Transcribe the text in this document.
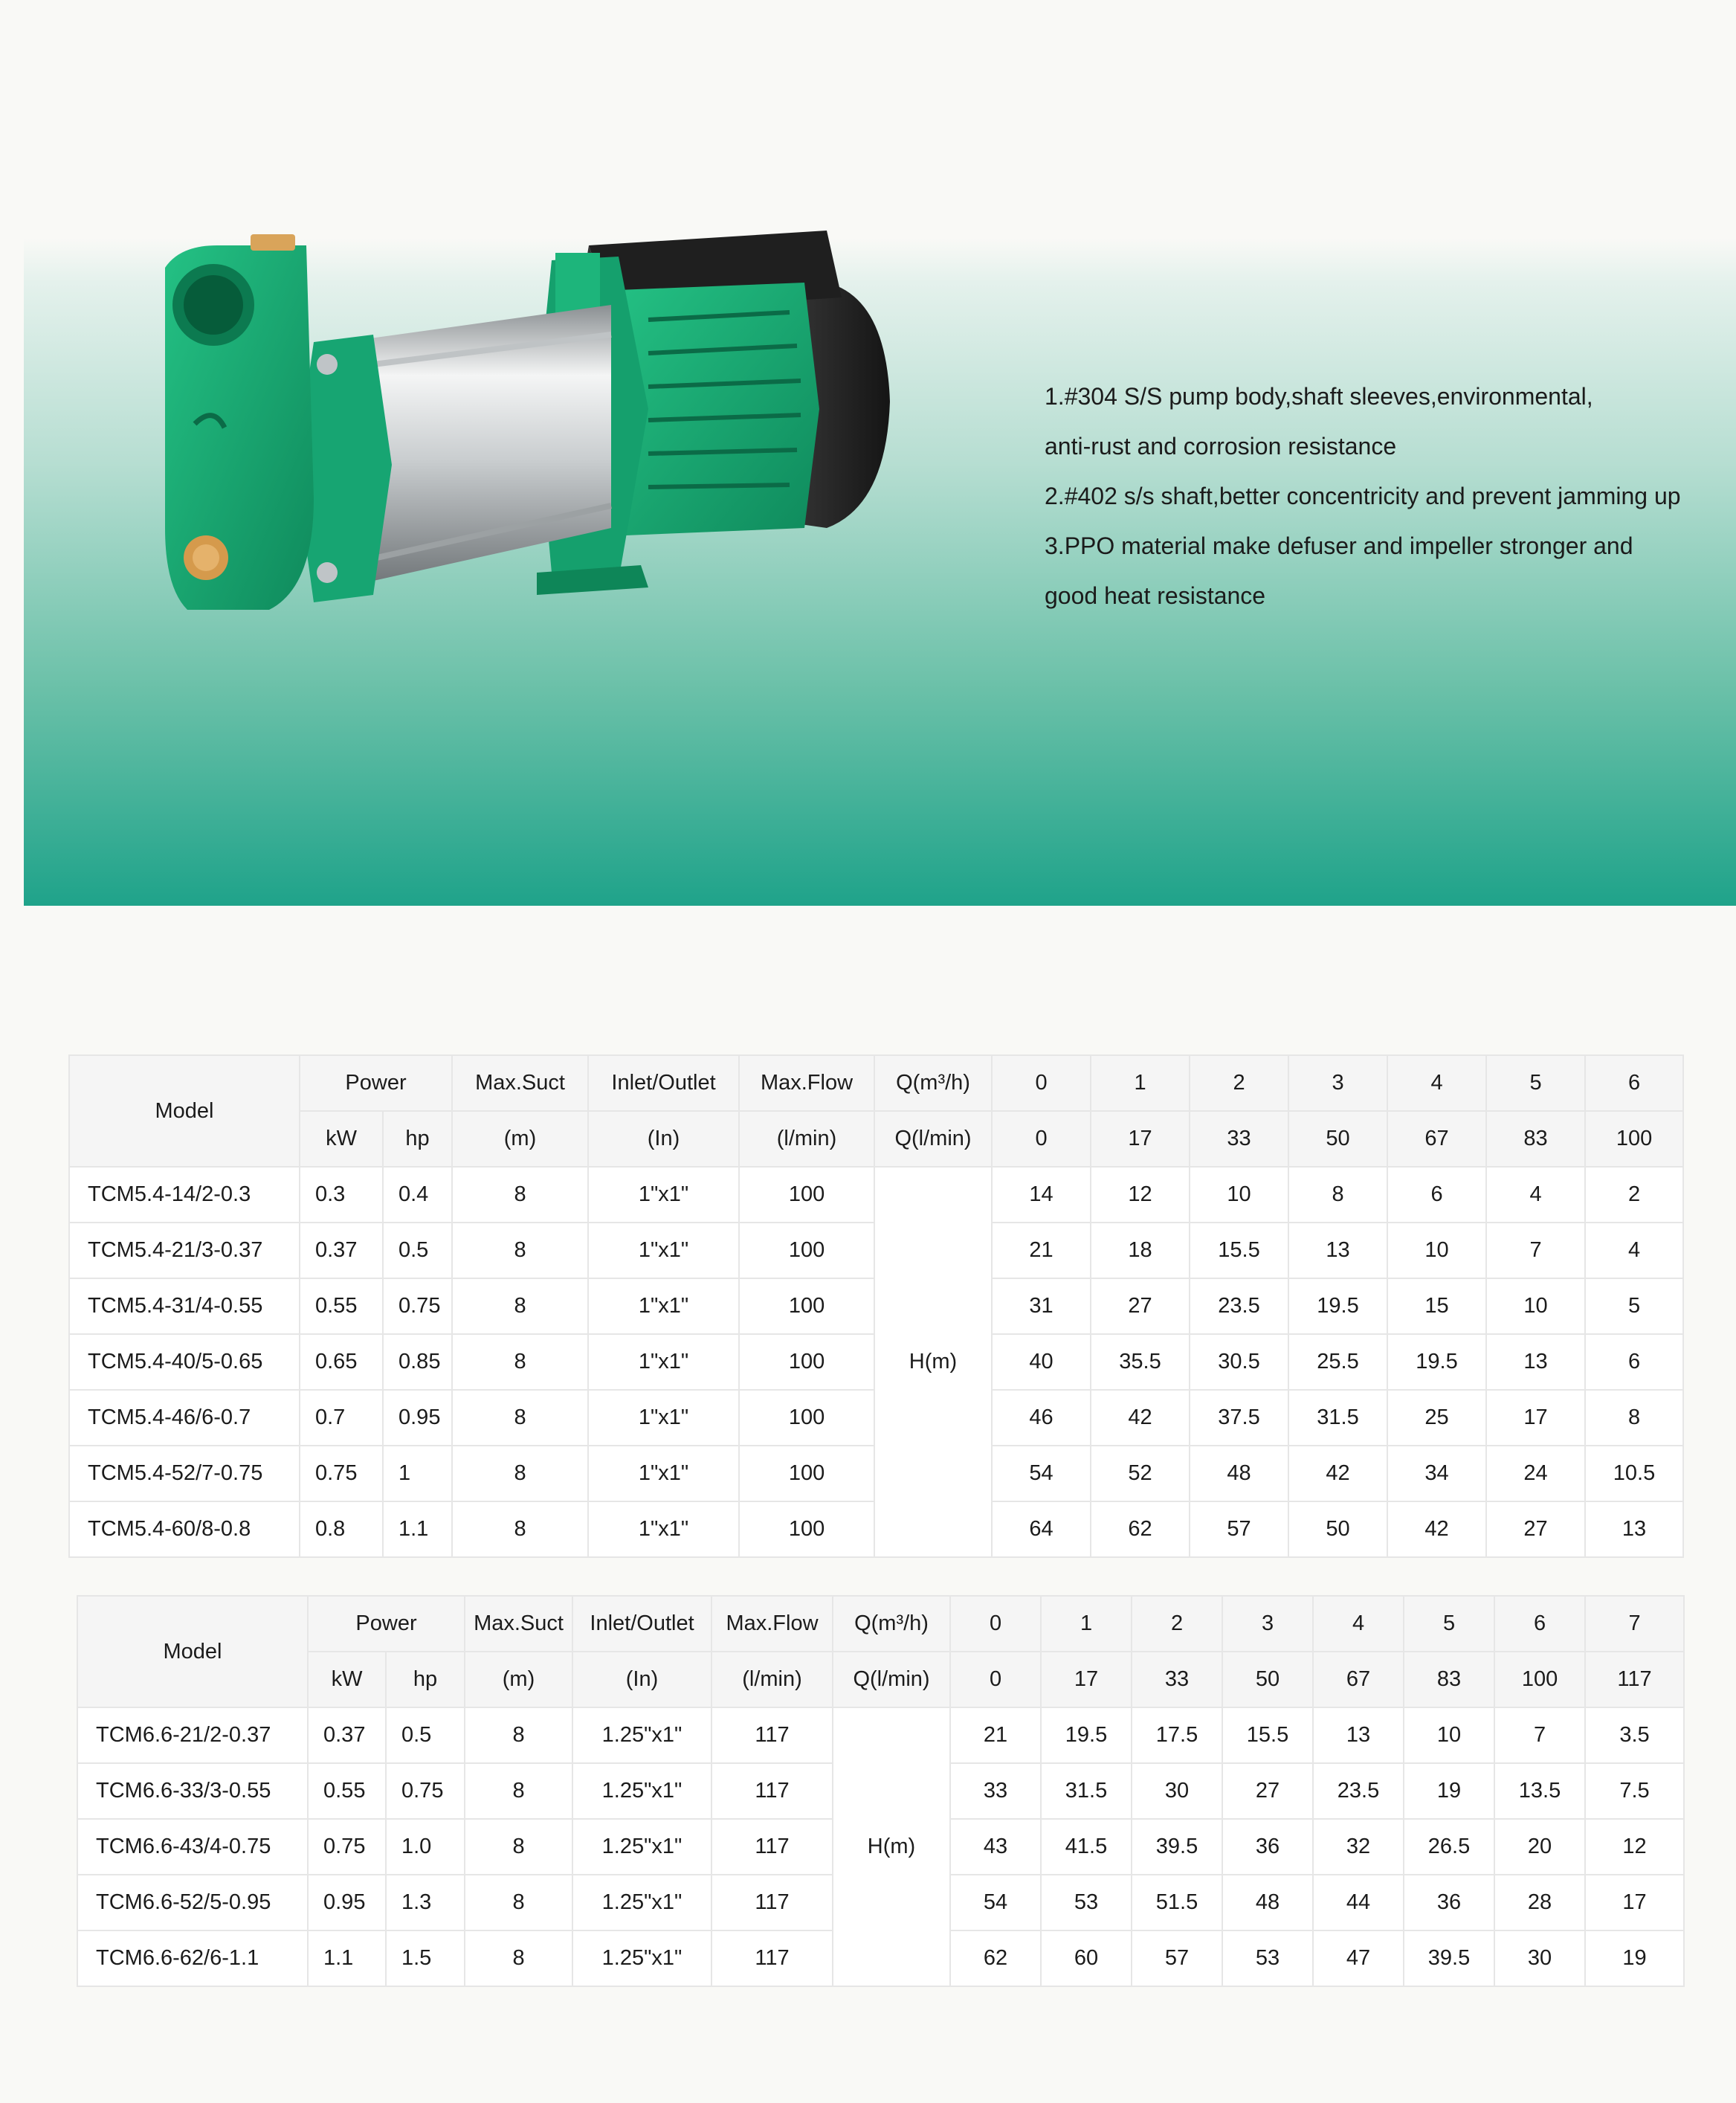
1.#304 S/S pump body,shaft sleeves,environmental,
anti-rust and corrosion resistance
2.#402 s/s shaft,better concentricity and prevent jamming up
3.PPO material make defuser and impeller stronger and
good heat resistance
Model	Power		Max.Suct	Inlet/Outlet	Max.Flow	Q(m³/h)	0	1	2	3	4	5	6
	kW	hp	(m)	(In)	(l/min)	Q(l/min)	0	17	33	50	67	83	100
TCM5.4-14/2-0.3	0.3	0.4	8	1"x1"	100	H(m)	14	12	10	8	6	4	2
TCM5.4-21/3-0.37	0.37	0.5	8	1"x1"	100		21	18	15.5	13	10	7	4
TCM5.4-31/4-0.55	0.55	0.75	8	1"x1"	100		31	27	23.5	19.5	15	10	5
TCM5.4-40/5-0.65	0.65	0.85	8	1"x1"	100		40	35.5	30.5	25.5	19.5	13	6
TCM5.4-46/6-0.7	0.7	0.95	8	1"x1"	100		46	42	37.5	31.5	25	17	8
TCM5.4-52/7-0.75	0.75	1	8	1"x1"	100		54	52	48	42	34	24	10.5
TCM5.4-60/8-0.8	0.8	1.1	8	1"x1"	100		64	62	57	50	42	27	13
Model	Power		Max.Suct	Inlet/Outlet	Max.Flow	Q(m³/h)	0	1	2	3	4	5	6	7
	kW	hp	(m)	(In)	(l/min)	Q(l/min)	0	17	33	50	67	83	100	117
TCM6.6-21/2-0.37	0.37	0.5	8	1.25"x1"	117	H(m)	21	19.5	17.5	15.5	13	10	7	3.5
TCM6.6-33/3-0.55	0.55	0.75	8	1.25"x1"	117		33	31.5	30	27	23.5	19	13.5	7.5
TCM6.6-43/4-0.75	0.75	1.0	8	1.25"x1"	117		43	41.5	39.5	36	32	26.5	20	12
TCM6.6-52/5-0.95	0.95	1.3	8	1.25"x1"	117		54	53	51.5	48	44	36	28	17
TCM6.6-62/6-1.1	1.1	1.5	8	1.25"x1"	117		62	60	57	53	47	39.5	30	19
